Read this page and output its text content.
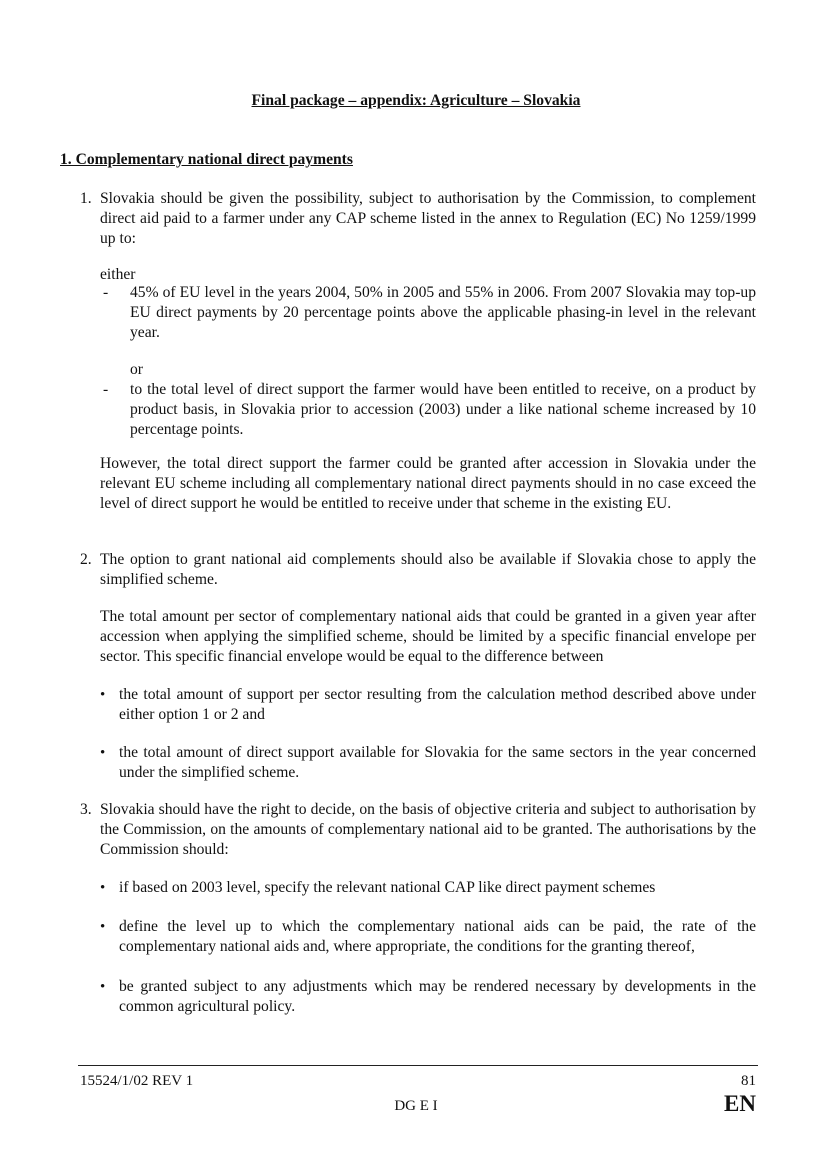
Final package – appendix: Agriculture – Slovakia
1. Complementary national direct payments
1. Slovakia should be given the possibility, subject to authorisation by the Commission, to complement direct aid paid to a farmer under any CAP scheme listed in the annex to Regulation (EC) No 1259/1999 up to:

either

- 45% of EU level in the years 2004, 50% in 2005 and 55% in 2006. From 2007 Slovakia may top-up EU direct payments by 20 percentage points above the applicable phasing-in level in the relevant year.

or

- to the total level of direct support the farmer would have been entitled to receive, on a product by product basis, in Slovakia prior to accession (2003) under a like national scheme increased by 10 percentage points.

However, the total direct support the farmer could be granted after accession in Slovakia under the relevant EU scheme including all complementary national direct payments should in no case exceed the level of direct support he would be entitled to receive under that scheme in the existing EU.

2. The option to grant national aid complements should also be available if Slovakia chose to apply the simplified scheme.

The total amount per sector of complementary national aids that could be granted in a given year after accession when applying the simplified scheme, should be limited by a specific financial envelope per sector. This specific financial envelope would be equal to the difference between

• the total amount of support per sector resulting from the calculation method described above under either option 1 or 2 and

• the total amount of direct support available for Slovakia for the same sectors in the year concerned under the simplified scheme.

3. Slovakia should have the right to decide, on the basis of objective criteria and subject to authorisation by the Commission, on the amounts of complementary national aid to be granted. The authorisations by the Commission should:

• if based on 2003 level, specify the relevant national CAP like direct payment schemes

• define the level up to which the complementary national aids can be paid, the rate of the complementary national aids and, where appropriate, the conditions for the granting thereof,

• be granted subject to any adjustments which may be rendered necessary by developments in the common agricultural policy.

15524/1/02 REV 1	81
DG E I	EN
